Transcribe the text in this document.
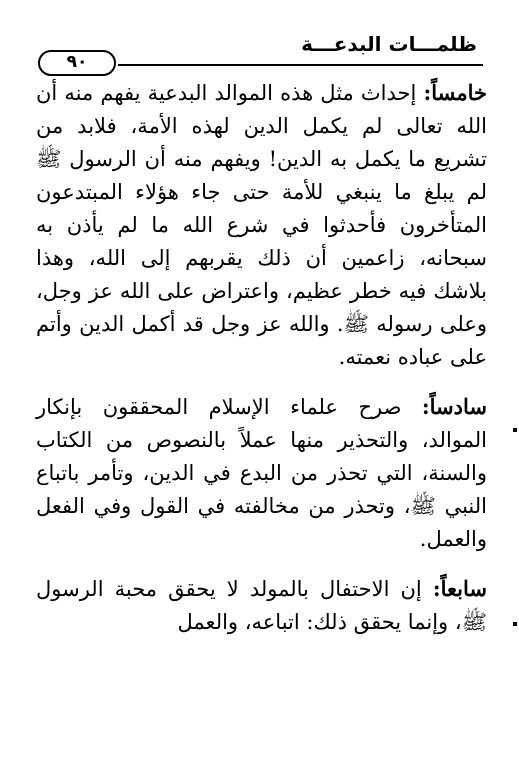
ظلمـــات البدعـــة
٩٠

خامساً: إحداث مثل هذه الموالد البدعية يفهم منه أن الله تعالى لم يكمل الدين لهذه الأمة، فلابد من تشريع ما يكمل به الدين! ويفهم منه أن الرسول ﷺ لم يبلغ ما ينبغي للأمة حتى جاء هؤلاء المبتدعون المتأخرون فأحدثوا في شرع الله ما لم يأذن به سبحانه، زاعمين أن ذلك يقربهم إلى الله، وهذا بلاشك فيه خطر عظيم، واعتراض على الله عز وجل، وعلى رسوله ﷺ. والله عز وجل قد أكمل الدين وأتم على عباده نعمته.

سادساً: صرح علماء الإسلام المحققون بإنكار الموالد، والتحذير منها عملاً بالنصوص من الكتاب والسنة، التي تحذر من البدع في الدين، وتأمر باتباع النبي ﷺ، وتحذر من مخالفته في القول وفي الفعل والعمل.

سابعاً: إن الاحتفال بالمولد لا يحقق محبة الرسول ﷺ، وإنما يحقق ذلك: اتباعه، والعمل
